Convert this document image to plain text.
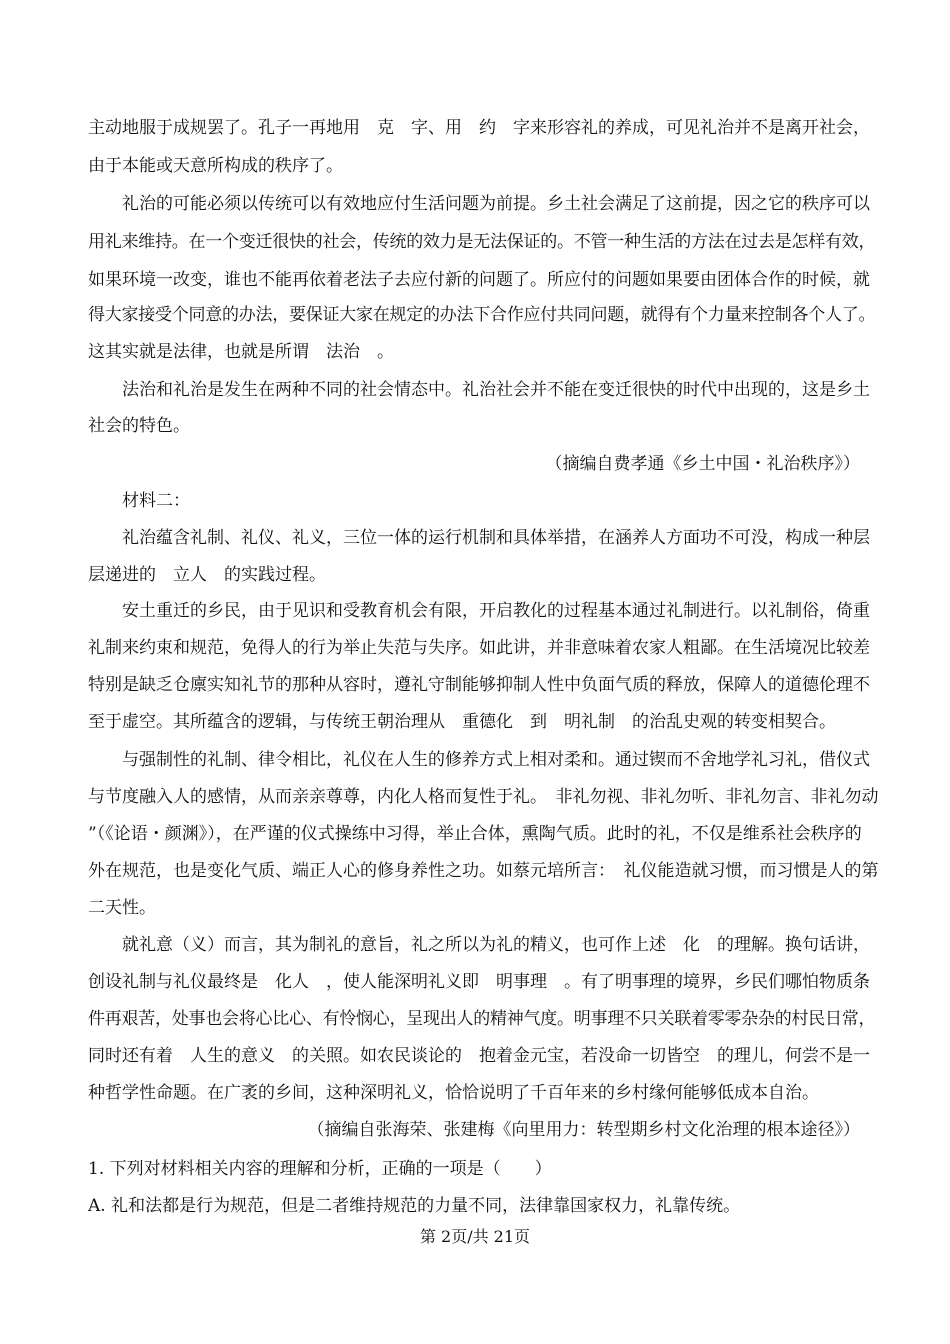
主动地服于成规罢了。孔子一再地用　克　字、用　约　字来形容礼的养成，可见礼治并不是离开社会，
由于本能或天意所构成的秩序了。
礼治的可能必须以传统可以有效地应付生活问题为前提。乡土社会满足了这前提，因之它的秩序可以
用礼来维持。在一个变迁很快的社会，传统的效力是无法保证的。不管一种生活的方法在过去是怎样有效，
如果环境一改变，谁也不能再依着老法子去应付新的问题了。所应付的问题如果要由团体合作的时候，就
得大家接受个同意的办法，要保证大家在规定的办法下合作应付共同问题，就得有个力量来控制各个人了。
这其实就是法律，也就是所谓　法治　。
法治和礼治是发生在两种不同的社会情态中。礼治社会并不能在变迁很快的时代中出现的，这是乡土
社会的特色。
（摘编自费孝通《乡土中国・礼治秩序》）
材料二：
礼治蕴含礼制、礼仪、礼义，三位一体的运行机制和具体举措，在涵养人方面功不可没，构成一种层
层递进的　立人　的实践过程。
安土重迁的乡民，由于见识和受教育机会有限，开启教化的过程基本通过礼制进行。以礼制俗，倚重
礼制来约束和规范，免得人的行为举止失范与失序。如此讲，并非意味着农家人粗鄙。在生活境况比较差
特别是缺乏仓廪实知礼节的那种从容时，遵礼守制能够抑制人性中负面气质的释放，保障人的道德伦理不
至于虚空。其所蕴含的逻辑，与传统王朝治理从　重德化　到　明礼制　的治乱史观的转变相契合。
与强制性的礼制、律令相比，礼仪在人生的修养方式上相对柔和。通过锲而不舍地学礼习礼，借仪式
与节度融入人的感情，从而亲亲尊尊，内化人格而复性于礼。　非礼勿视、非礼勿听、非礼勿言、非礼勿动
”（《论语・颜渊》），在严谨的仪式操练中习得，举止合体，熏陶气质。此时的礼，不仅是维系社会秩序的
外在规范，也是变化气质、端正人心的修身养性之功。如蔡元培所言：　礼仪能造就习惯，而习惯是人的第
二天性。
就礼意（义）而言，其为制礼的意旨，礼之所以为礼的精义，也可作上述　化　的理解。换句话讲，
创设礼制与礼仪最终是　化人　，使人能深明礼义即　明事理　。有了明事理的境界，乡民们哪怕物质条
件再艰苦，处事也会将心比心、有怜悯心，呈现出人的精神气度。明事理不只关联着零零杂杂的村民日常，
同时还有着　人生的意义　的关照。如农民谈论的　抱着金元宝，若没命一切皆空　的理儿，何尝不是一
种哲学性命题。在广袤的乡间，这种深明礼义，恰恰说明了千百年来的乡村缘何能够低成本自治。
（摘编自张海荣、张建梅《向里用力：转型期乡村文化治理的根本途径》）
1. 下列对材料相关内容的理解和分析，正确的一项是（　　）
A. 礼和法都是行为规范，但是二者维持规范的力量不同，法律靠国家权力，礼靠传统。
第 2页/共 21页
